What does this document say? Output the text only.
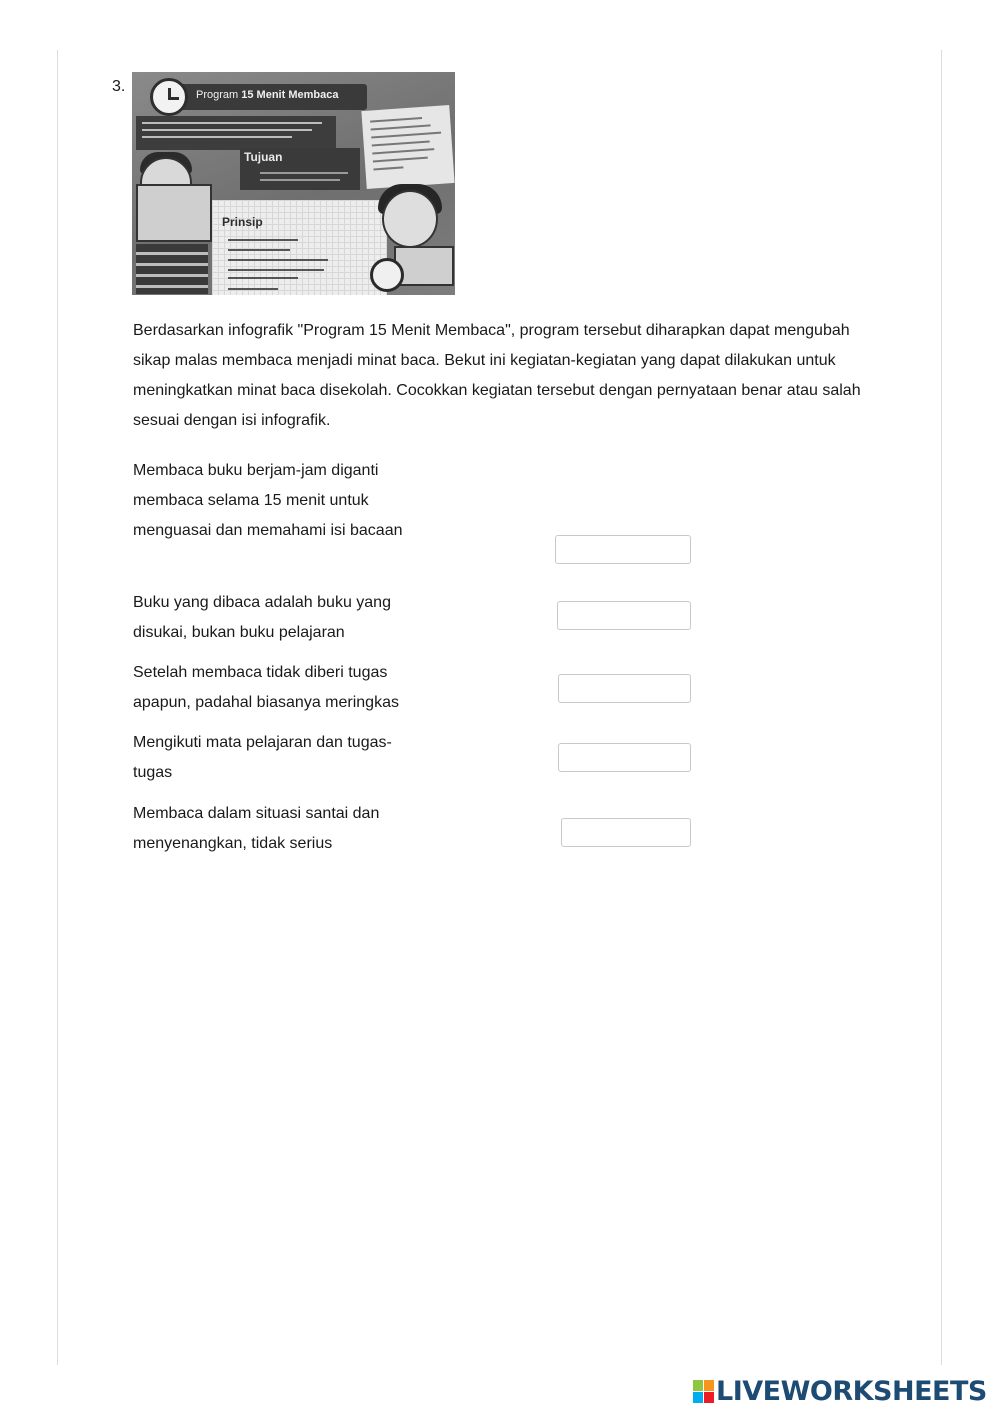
3.	Program 15 Menit Membaca
Tujuan
Prinsip
Berdasarkan infografik "Program 15 Menit Membaca", program tersebut diharapkan dapat mengubah sikap malas membaca menjadi minat baca. Bekut ini kegiatan-kegiatan yang dapat dilakukan untuk meningkatkan minat baca disekolah. Cocokkan kegiatan tersebut dengan pernyataan benar atau salah sesuai dengan isi infografik.
Membaca buku berjam-jam diganti membaca selama 15 menit untuk menguasai dan memahami isi bacaan
Buku yang dibaca adalah buku yang disukai, bukan buku pelajaran
Setelah membaca tidak diberi tugas apapun, padahal biasanya meringkas
Mengikuti mata pelajaran dan tugas-tugas
Membaca dalam situasi santai dan menyenangkan, tidak serius
LIVEWORKSHEETS
